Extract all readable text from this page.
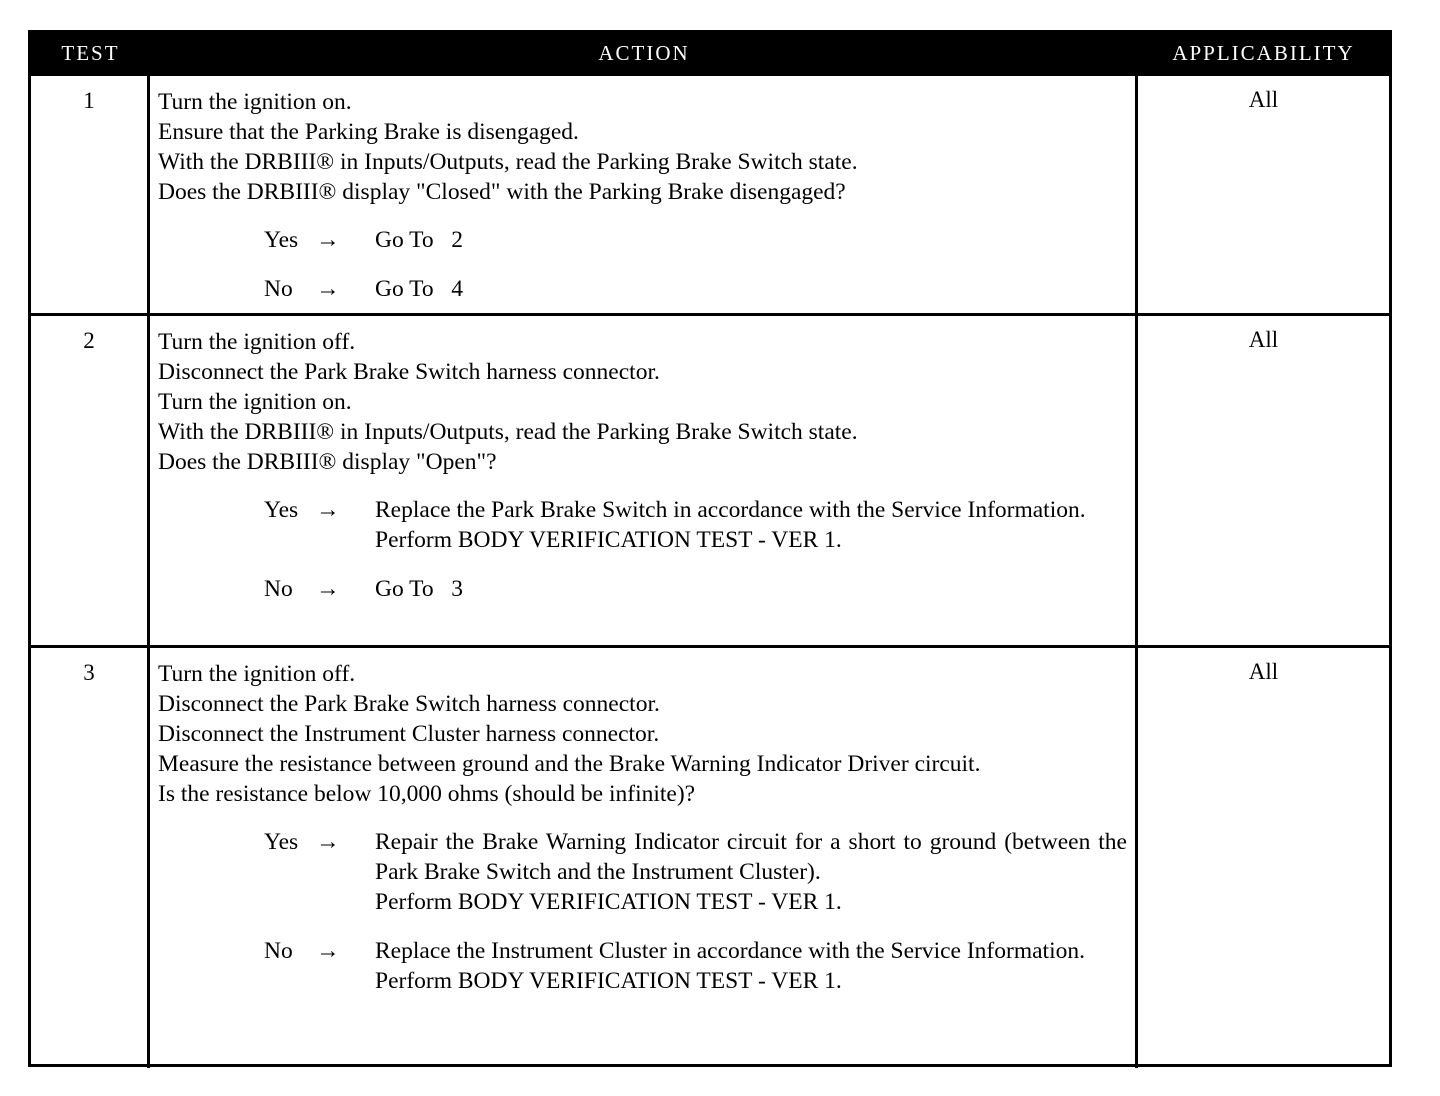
TEST	ACTION	APPLICABILITY
1	Turn the ignition on.
Ensure that the Parking Brake is disengaged.
With the DRBIII® in Inputs/Outputs, read the Parking Brake Switch state.
Does the DRBIII® display "Closed" with the Parking Brake disengaged?
Yes →	Go To   2
No →	Go To   4
All
2	Turn the ignition off.
Disconnect the Park Brake Switch harness connector.
Turn the ignition on.
With the DRBIII® in Inputs/Outputs, read the Parking Brake Switch state.
Does the DRBIII® display "Open"?
Yes →	Replace the Park Brake Switch in accordance with the Service Information.
Perform BODY VERIFICATION TEST - VER 1.
No →	Go To   3
All
3	Turn the ignition off.
Disconnect the Park Brake Switch harness connector.
Disconnect the Instrument Cluster harness connector.
Measure the resistance between ground and the Brake Warning Indicator Driver circuit.
Is the resistance below 10,000 ohms (should be infinite)?
Yes →	Repair the Brake Warning Indicator circuit for a short to ground (between the Park Brake Switch and the Instrument Cluster).
Perform BODY VERIFICATION TEST - VER 1.
No →	Replace the Instrument Cluster in accordance with the Service Information.
Perform BODY VERIFICATION TEST - VER 1.
All
